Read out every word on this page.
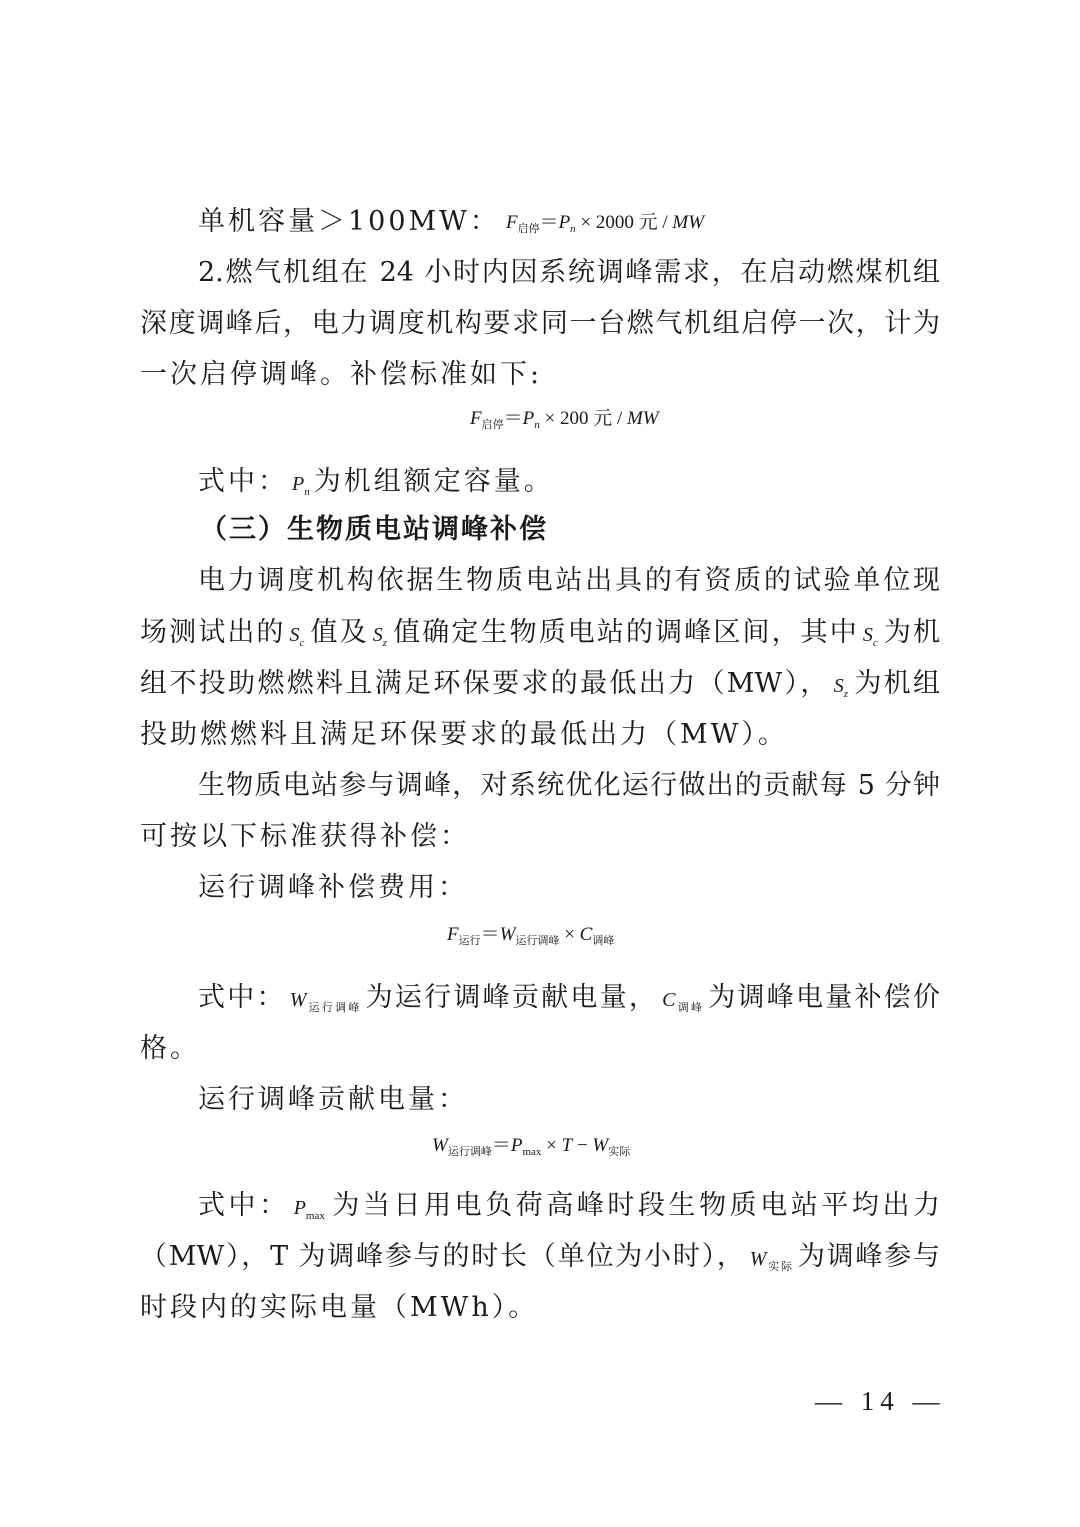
单机容量＞100MW： $F_{启停}=P_n \times 2000$ 元 / MW
2.燃气机组在 24 小时内因系统调峰需求，在启动燃煤机组
深度调峰后，电力调度机构要求同一台燃气机组启停一次，计为
一次启停调峰。补偿标准如下:
$F_{启停}=P_n \times 200$ 元 / MW
式中： $P_n$ 为机组额定容量。
（三）生物质电站调峰补偿
电力调度机构依据生物质电站出具的有资质的试验单位现
场测试出的 $S_c$ 值及 $S_z$ 值确定生物质电站的调峰区间，其中 $S_c$ 为机
组不投助燃燃料且满足环保要求的最低出力（MW）， $S_z$ 为机组
投助燃燃料且满足环保要求的最低出力（MW）。
生物质电站参与调峰，对系统优化运行做出的贡献每 5 分钟
可按以下标准获得补偿：
运行调峰补偿费用：
$F_{运行}=W_{运行调峰} \times C_{调峰}$
式中： $W_{运行调峰}$ 为运行调峰贡献电量， $C_{调峰}$ 为调峰电量补偿价
格。
运行调峰贡献电量：
$W_{运行调峰}=P_{max} \times T - W_{实际}$
式中： $P_{max}$ 为当日用电负荷高峰时段生物质电站平均出力
（MW），T 为调峰参与的时长（单位为小时）， $W_{实际}$ 为调峰参与
时段内的实际电量（MWh）。
— 14 —
